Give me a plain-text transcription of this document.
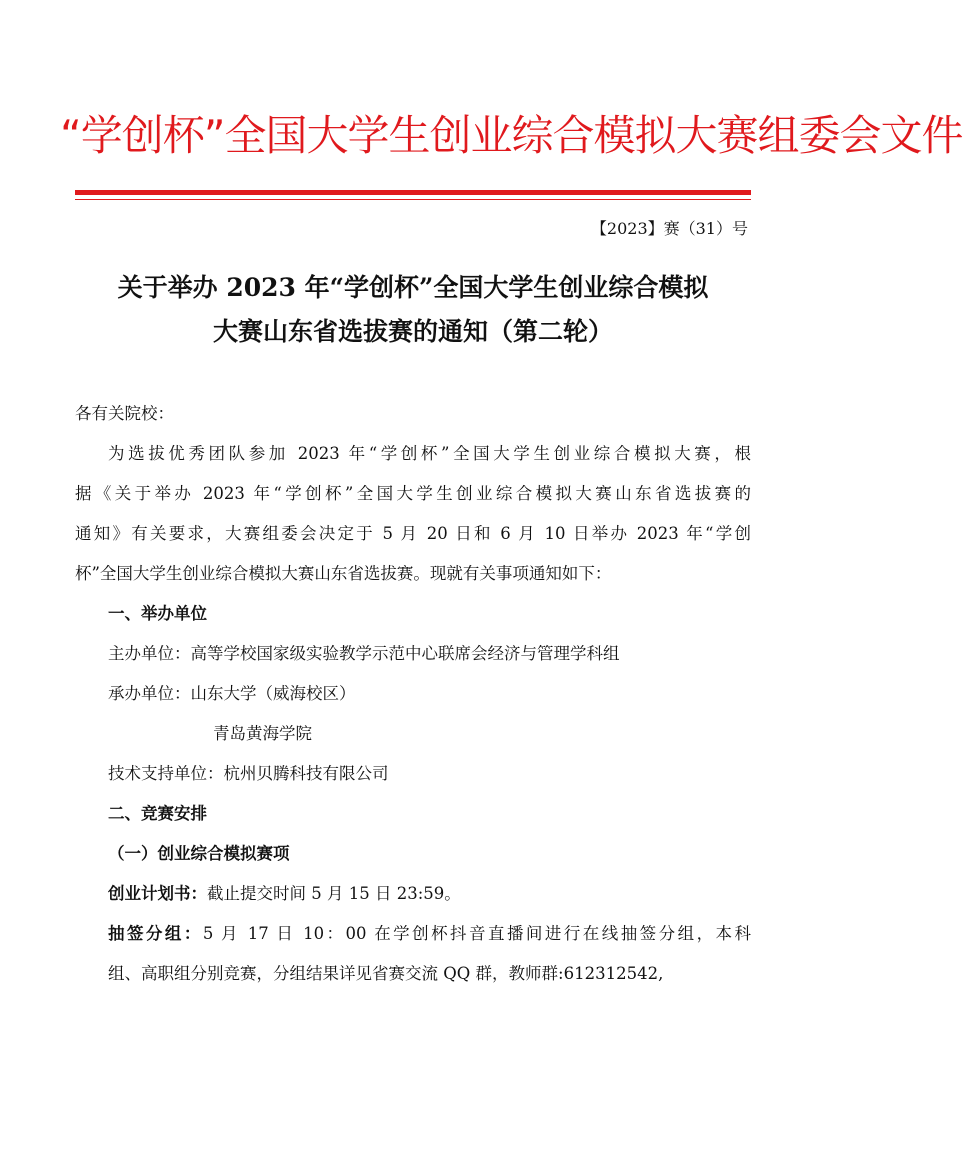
“学创杯”全国大学生创业综合模拟大赛组委会文件
【2023】赛（31）号
关于举办 2023 年“学创杯”全国大学生创业综合模拟
大赛山东省选拔赛的通知（第二轮）
各有关院校：
为选拔优秀团队参加 2023 年“学创杯”全国大学生创业综合模拟大赛，根
据《关于举办 2023 年“学创杯”全国大学生创业综合模拟大赛山东省选拔赛的
通知》有关要求，大赛组委会决定于 5 月 20 日和 6 月 10 日举办 2023 年“学创
杯”全国大学生创业综合模拟大赛山东省选拔赛。现就有关事项通知如下：
一、举办单位
主办单位：高等学校国家级实验教学示范中心联席会经济与管理学科组
承办单位：山东大学（威海校区）
青岛黄海学院
技术支持单位：杭州贝腾科技有限公司
二、竞赛安排
（一）创业综合模拟赛项
创业计划书：截止提交时间 5 月 15 日 23:59。
抽签分组：5 月 17 日 10：00 在学创杯抖音直播间进行在线抽签分组，本科
组、高职组分别竞赛，分组结果详见省赛交流 QQ 群，教师群:612312542,
